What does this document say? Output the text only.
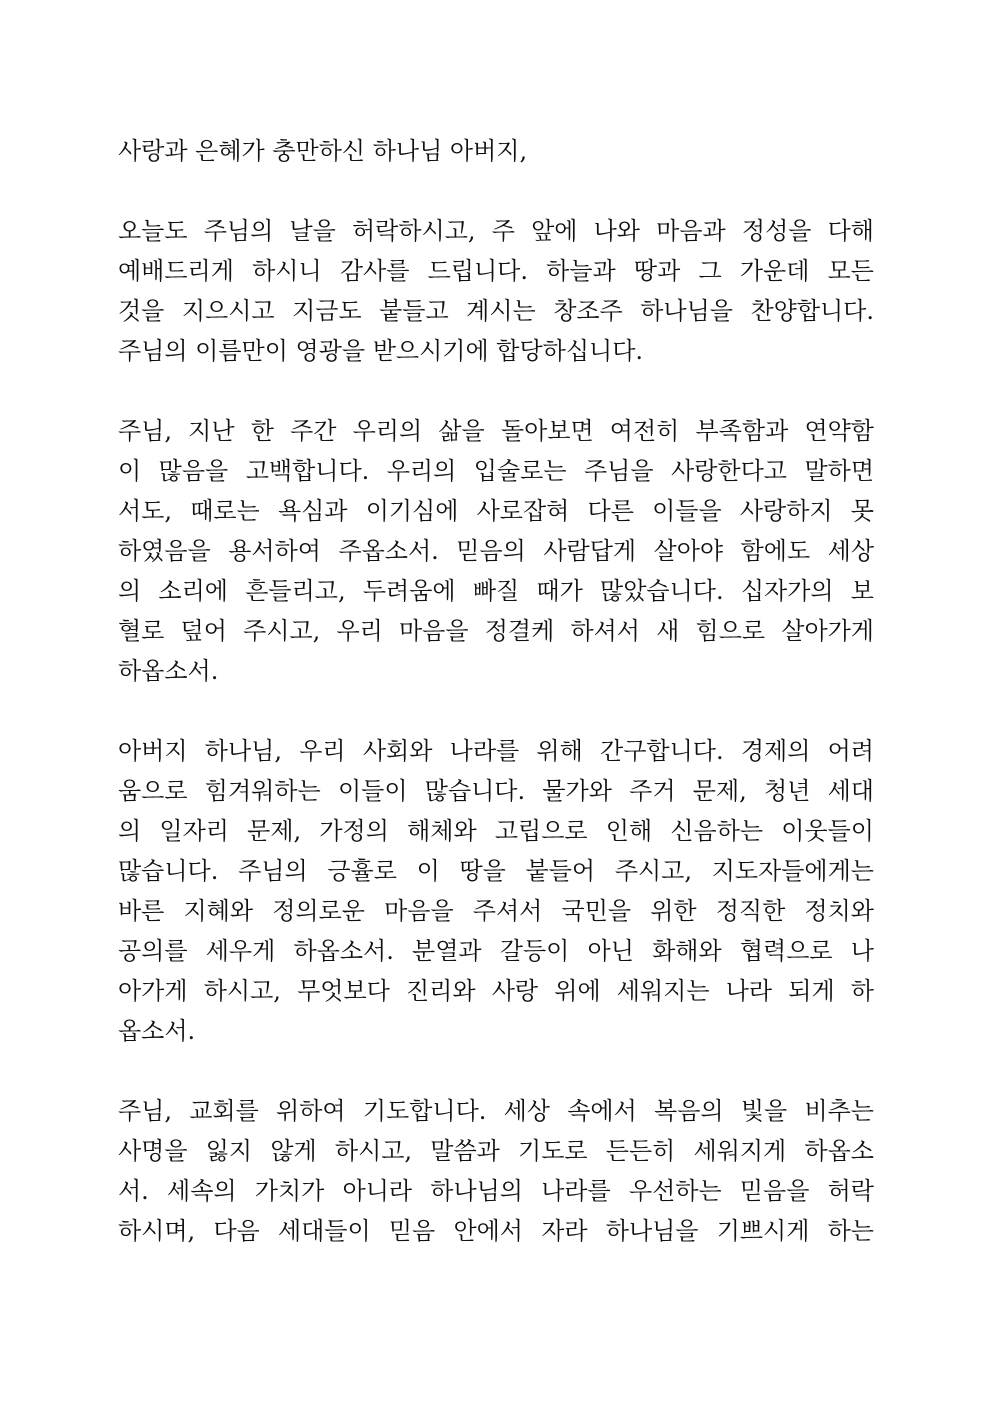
사랑과 은혜가 충만하신 하나님 아버지,

오늘도 주님의 날을 허락하시고, 주 앞에 나와 마음과 정성을 다해
예배드리게 하시니 감사를 드립니다. 하늘과 땅과 그 가운데 모든
것을 지으시고 지금도 붙들고 계시는 창조주 하나님을 찬양합니다.
주님의 이름만이 영광을 받으시기에 합당하십니다.

주님, 지난 한 주간 우리의 삶을 돌아보면 여전히 부족함과 연약함
이 많음을 고백합니다. 우리의 입술로는 주님을 사랑한다고 말하면
서도, 때로는 욕심과 이기심에 사로잡혀 다른 이들을 사랑하지 못
하였음을 용서하여 주옵소서. 믿음의 사람답게 살아야 함에도 세상
의 소리에 흔들리고, 두려움에 빠질 때가 많았습니다. 십자가의 보
혈로 덮어 주시고, 우리 마음을 정결케 하셔서 새 힘으로 살아가게
하옵소서.

아버지 하나님, 우리 사회와 나라를 위해 간구합니다. 경제의 어려
움으로 힘겨워하는 이들이 많습니다. 물가와 주거 문제, 청년 세대
의 일자리 문제, 가정의 해체와 고립으로 인해 신음하는 이웃들이
많습니다. 주님의 긍휼로 이 땅을 붙들어 주시고, 지도자들에게는
바른 지혜와 정의로운 마음을 주셔서 국민을 위한 정직한 정치와
공의를 세우게 하옵소서. 분열과 갈등이 아닌 화해와 협력으로 나
아가게 하시고, 무엇보다 진리와 사랑 위에 세워지는 나라 되게 하
옵소서.

주님, 교회를 위하여 기도합니다. 세상 속에서 복음의 빛을 비추는
사명을 잃지 않게 하시고, 말씀과 기도로 든든히 세워지게 하옵소
서. 세속의 가치가 아니라 하나님의 나라를 우선하는 믿음을 허락
하시며, 다음 세대들이 믿음 안에서 자라 하나님을 기쁘시게 하는
